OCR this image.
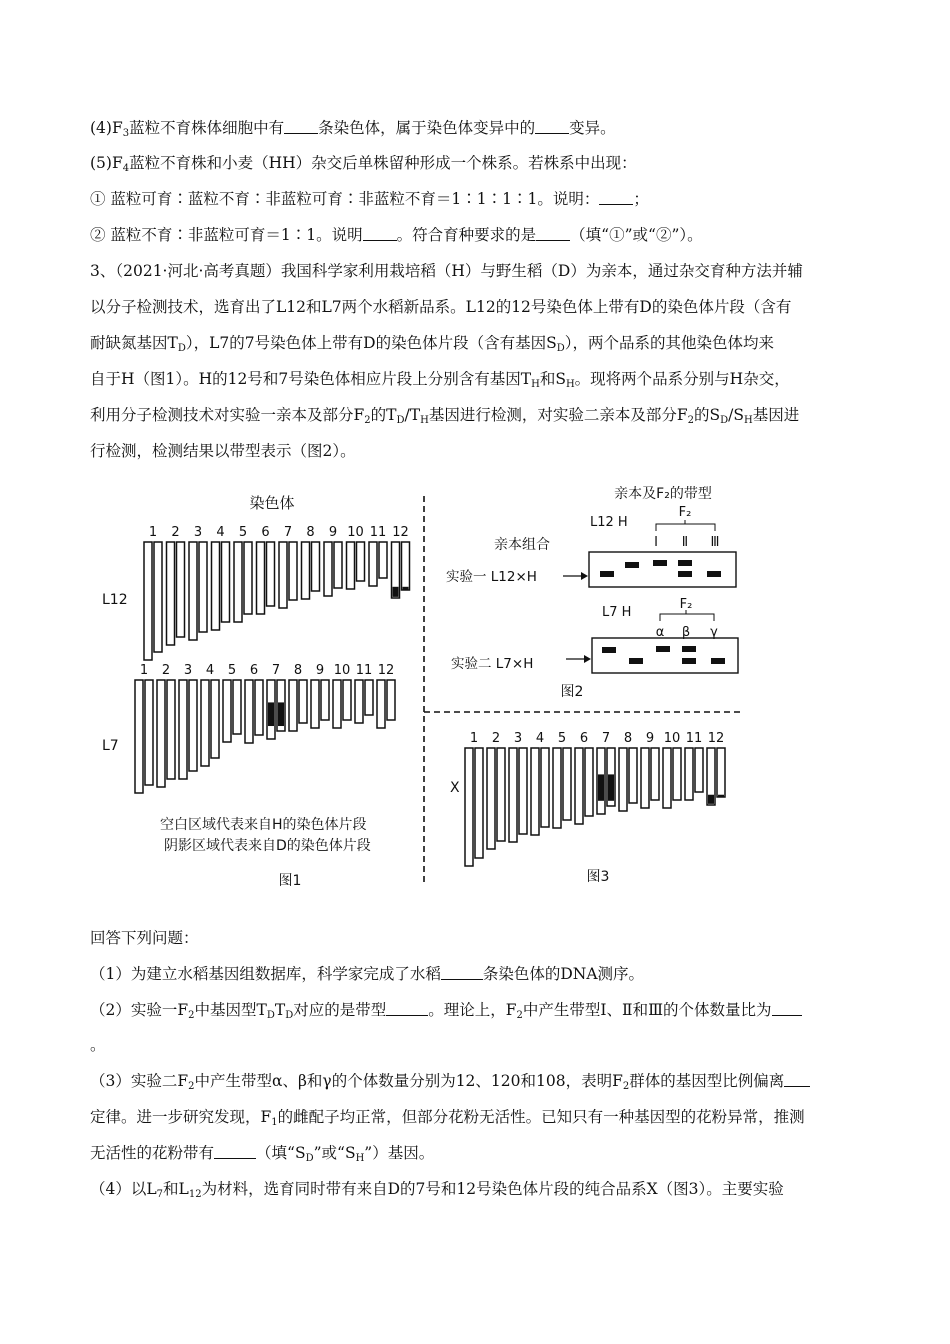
$(4)F_3$蓝粒不育株体细胞中有 条染色体，属于染色体变异中的 变异。
$(5)F_4$蓝粒不育株和小麦（HH）杂交后单株留种形成一个株系。若株系中出现：
① 蓝粒可育∶蓝粒不育∶非蓝粒可育∶非蓝粒不育＝1∶1∶1∶1。说明： ；
② 蓝粒不育∶非蓝粒可育＝1∶1。说明 。符合育种要求的是 （填“①”或“②”）。
3、（2021·河北·高考真题）我国科学家利用栽培稻（H）与野生稻（D）为亲本，通过杂交育种方法并辅
以分子检测技术，选育出了L12和L7两个水稻新品系。L12的12号染色体上带有D的染色体片段（含有
耐缺氮基因$T_D$），L7的7号染色体上带有D的染色体片段（含有基因$S_D$），两个品系的其他染色体均来
自于H（图1）。H的12号和7号染色体相应片段上分别含有基因$T_H$和$S_H$。现将两个品系分别与H杂交，
利用分子检测技术对实验一亲本及部分$F_2$的$T_D/T_H$基因进行检测，对实验二亲本及部分$F_2$的$S_D/S_H$基因进
行检测，检测结果以带型表示（图2）。
染色体
1 2 3 4 5 6 7 8 9 10 11 12
L12
1 2 3 4 5 6 7 8 9 10 11 12
L7
空白区域代表来自H的染色体片段
阴影区域代表来自D的染色体片段
图1
亲本及F₂的带型
L12 H
F₂
Ⅰ Ⅱ Ⅲ
亲本组合
实验一 L12×H
L7 H
F₂
α β γ
实验二 L7×H
图2
1 2 3 4 5 6 7 8 9 10 11 12
X
图3
回答下列问题：
（1）为建立水稻基因组数据库，科学家完成了水稻	条染色体的DNA测序。
（2）实验一$F_2$中基因型$T_DT_D$对应的是带型	。理论上，$F_2$中产生带型Ⅰ、Ⅱ和Ⅲ的个体数量比为
。
（3）实验二$F_2$中产生带型α、β和γ的个体数量分别为12、120和108，表明$F_2$群体的基因型比例偏离
定律。进一步研究发现，$F_1$的雌配子均正常，但部分花粉无活性。已知只有一种基因型的花粉异常，推测
无活性的花粉带有	（填“$S_D$”或“$S_H$”）基因。
（4）以$L_7$和$L_{12}$为材料，选育同时带有来自D的7号和12号染色体片段的纯合品系X（图3）。主要实验
